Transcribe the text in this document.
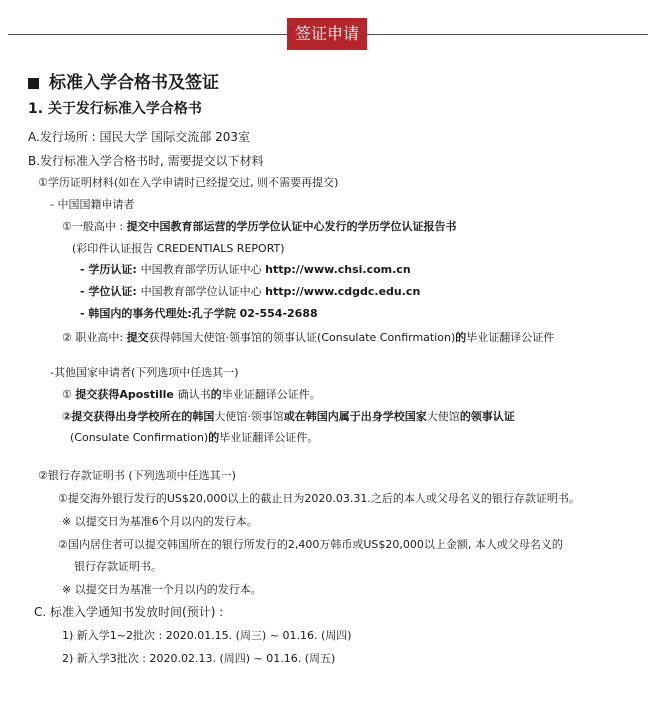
签证申请
标准入学合格书及签证
1. 关于发行标准入学合格书
A.发行场所 : 国民大学 国际交流部 203室
B.发行标准入学合格书时, 需要提交以下材料
①学历证明材料(如在入学申请时已经提交过, 则不需要再提交)
- 中国国籍申请者
①一般高中 : 提交中国教育部运营的学历学位认证中心发行的学历学位认证报告书
(彩印件认证报告 CREDENTIALS REPORT)
- 学历认证: 中国教育部学历认证中心 http://www.chsi.com.cn
- 学位认证: 中国教育部学位认证中心 http://www.cdgdc.edu.cn
- 韩国内的事务代理处:孔子学院 02-554-2688
② 职业高中: 提交获得韩国大使馆·领事馆的领事认证(Consulate Confirmation)的毕业证翻译公证件
-其他国家申请者(下列选项中任选其一)
① 提交获得Apostille 确认书的毕业证翻译公证件。
②提交获得出身学校所在的韩国大使馆·领事馆或在韩国内属于出身学校国家大使馆的领事认证
(Consulate Confirmation)的毕业证翻译公证件。
②银行存款证明书 (下列选项中任选其一)
①提交海外银行发行的US$20,000以上的截止日为2020.03.31.之后的本人或父母名义的银行存款证明书。
※ 以提交日为基准6个月以内的发行本。
②国内居住者可以提交韩国所在的银行所发行的2,400万韩币或US$20,000以上金额, 本人或父母名义的
银行存款证明书。
※ 以提交日为基准一个月以内的发行本。
C. 标准入学通知书发放时间(预计) :
1) 新入学1~2批次 : 2020.01.15. (周三) ~ 01.16. (周四)
2) 新入学3批次 : 2020.02.13. (周四) ~ 01.16. (周五)
